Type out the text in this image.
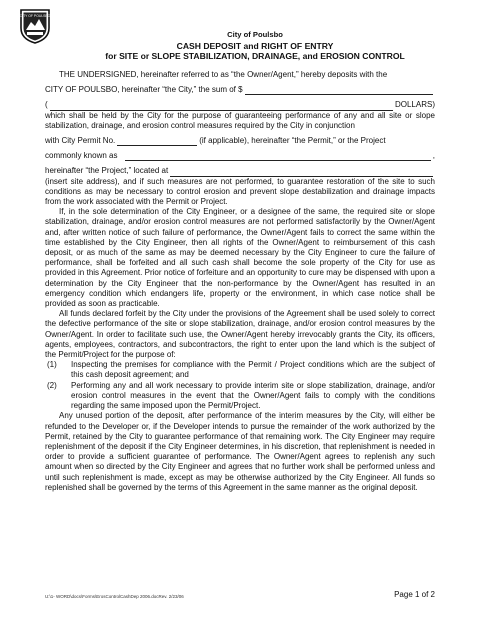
CITY OF POULSBO
City of Poulsbo
CASH DEPOSIT and RIGHT OF ENTRY
for SITE or SLOPE STABILIZATION, DRAINAGE, and EROSION CONTROL

THE UNDERSIGNED, hereinafter referred to as “the Owner/Agent,” hereby deposits with the

CITY OF POULSBO, hereinafter “the City,” the sum of $
(	DOLLARS)

which shall be held by the City for the purpose of guaranteeing performance of any and all site or slope stabilization, drainage, and erosion control measures required by the City in conjunction

with City Permit No.	(if applicable), hereinafter “the Permit,” or the Project
commonly known as	,
hereinafter “the Project,” located at

(insert site address), and if such measures are not performed, to guarantee restoration of the site to such conditions as may be necessary to control erosion and prevent slope destabilization and drainage impacts from the work associated with the Permit or Project.

If, in the sole determination of the City Engineer, or a designee of the same, the required site or slope stabilization, drainage, and/or erosion control measures are not performed satisfactorily by the Owner/Agent and, after written notice of such failure of performance, the Owner/Agent fails to correct the same within the time established by the City Engineer, then all rights of the Owner/Agent to reimbursement of this cash deposit, or as much of the same as may be deemed necessary by the City Engineer to cure the failure of performance, shall be forfeited and all such cash shall become the sole property of the City for use as provided in this Agreement. Prior notice of forfeiture and an opportunity to cure may be dispensed with upon a determination by the City Engineer that the non-performance by the Owner/Agent has resulted in an emergency condition which endangers life, property or the environment, in which case notice shall be provided as soon as practicable.

All funds declared forfeit by the City under the provisions of the Agreement shall be used solely to correct the defective performance of the site or slope stabilization, drainage, and/or erosion control measures by the Owner/Agent. In order to facilitate such use, the Owner/Agent hereby irrevocably grants the City, its officers, agents, employees, contractors, and subcontractors, the right to enter upon the land which is the subject of the Permit/Project for the purpose of:

(1)	Inspecting the premises for compliance with the Permit / Project conditions which are the subject of this cash deposit agreement; and
(2)	Performing any and all work necessary to provide interim site or slope stabilization, drainage, and/or erosion control measures in the event that the Owner/Agent fails to comply with the conditions regarding the same imposed upon the Permit/Project.

Any unused portion of the deposit, after performance of the interim measures by the City, will either be refunded to the Developer or, if the Developer intends to pursue the remainder of the work authorized by the Permit, retained by the City to guarantee performance of that remaining work. The City Engineer may require replenishment of the deposit if the City Engineer determines, in his discretion, that replenishment is needed in order to provide a sufficient guarantee of performance. The Owner/Agent agrees to replenish any such amount when so directed by the City Engineer and agrees that no further work shall be performed unless and until such replenishment is made, except as may be otherwise authorized by the City Engineer. All funds so replenished shall be governed by the terms of this Agreement in the same manner as the original deposit.

U:\1- WORD\docs\Forms\ErosControlCashDep 2006.docRev. 2/23/06	Page 1 of 2
